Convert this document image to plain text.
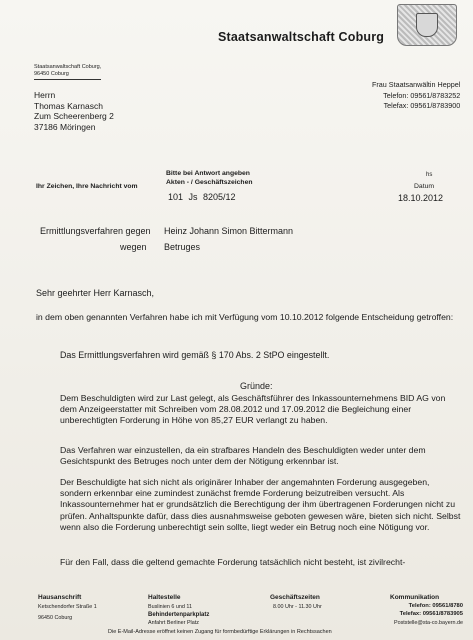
Staatsanwaltschaft Coburg
Staatsanwaltschaft Coburg,
96450 Coburg
Herrn
Thomas Karnasch
Zum Scheerenberg 2
37186 Möringen
Frau Staatsanwältin Heppel
Telefon: 09561/8783252
Telefax: 09561/8783900
Ihr Zeichen, Ihre Nachricht vom
Bitte bei Antwort angeben
Akten - / Geschäftszeichen
101 Js 8205/12
hs
Datum
18.10.2012
Ermittlungsverfahren gegen Heinz Johann Simon Bittermann
wegen Betruges
Sehr geehrter Herr Karnasch,
in dem oben genannten Verfahren habe ich mit Verfügung vom 10.10.2012 folgende Entscheidung getroffen:
Das Ermittlungsverfahren wird gemäß § 170 Abs. 2 StPO eingestellt.
Gründe:
Dem Beschuldigten wird zur Last gelegt, als Geschäftsführer des Inkassounternehmens BID AG von dem Anzeigeerstatter mit Schreiben vom 28.08.2012 und 17.09.2012 die Begleichung einer unberechtigten Forderung in Höhe von 85,27 EUR verlangt zu haben.
Das Verfahren war einzustellen, da ein strafbares Handeln des Beschuldigten weder unter dem Gesichtspunkt des Betruges noch unter dem der Nötigung erkennbar ist.
Der Beschuldigte hat sich nicht als originärer Inhaber der angemahnten Forderung ausgegeben, sondern erkennbar eine zumindest zunächst fremde Forderung beizutreiben versucht. Als Inkassounternehmer hat er grundsätzlich die Berechtigung der ihm übertragenen Forderungen nicht zu prüfen. Anhaltspunkte dafür, dass dies ausnahmsweise geboten gewesen wäre, bieten sich nicht. Selbst wenn also die Forderung unberechtigt sein sollte, liegt weder ein Betrug noch eine Nötigung vor.
Für den Fall, dass die geltend gemachte Forderung tatsächlich nicht besteht, ist zivilrecht-
Hausanschrift
Ketschendorfer Straße 1
96450 Coburg
Haltestelle
Buslinien 6 und 11
Behindertenparkplatz
Anfahrt Berliner Platz
Geschäftszeiten
8.00 Uhr - 11.30 Uhr
Kommunikation
Telefon: 09561/8780
Telefax: 09561/8783905
Poststelle@sta-co.bayern.de
Die E-Mail-Adresse eröffnet keinen Zugang für formbedürftige Erklärungen in Rechtssachen
